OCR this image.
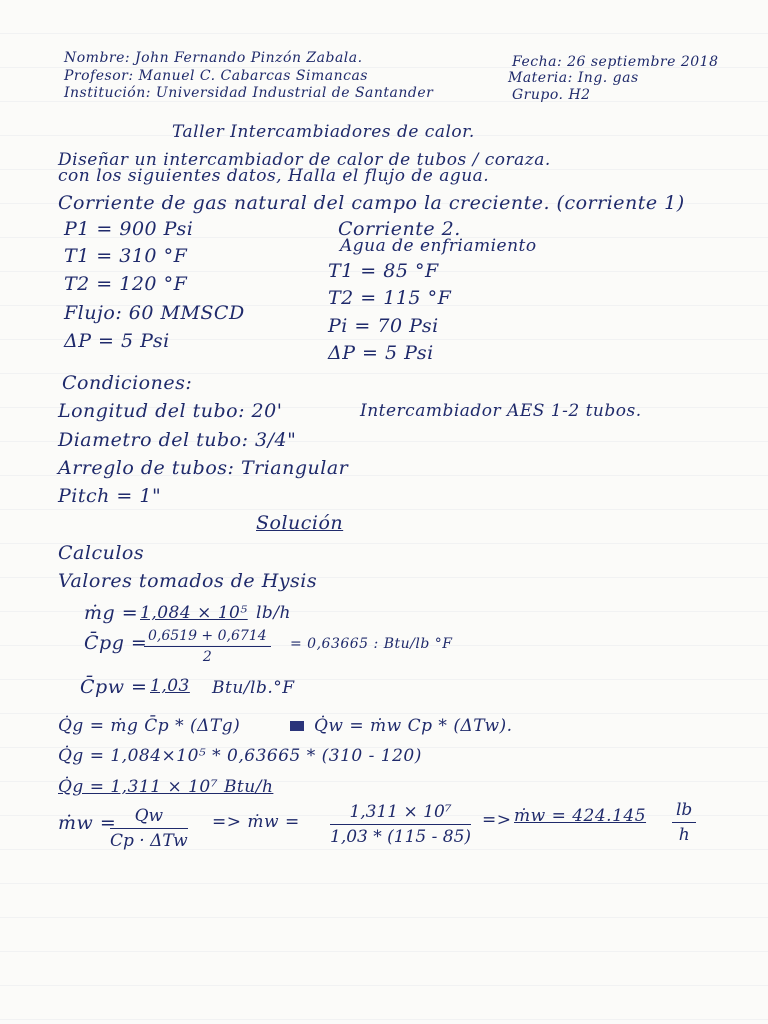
Nombre: John Fernando Pinzón Zabala.	Fecha: 26 septiembre 2018
Profesor: Manuel C. Cabarcas Simancas	Materia: Ing. gas
Institución: Universidad Industrial de Santander	Grupo. H2
Taller Intercambiadores de calor.
Diseñar un intercambiador de calor de tubos / coraza.
con los siguientes datos, Halla el flujo de agua.
Corriente de gas natural del campo la creciente. (corriente 1)
P1 = 900 Psi
T1 = 310 °F
T2 = 120 °F
Flujo: 60 MMSCD
ΔP = 5 Psi
Corriente 2.
Agua de enfriamiento
T1 = 85 °F
T2 = 115 °F
Pi = 70 Psi
ΔP = 5 Psi
Condiciones:
Longitud del tubo: 20'	Intercambiador AES 1-2 tubos.
Diametro del tubo: 3/4"
Arreglo de tubos: Triangular
Pitch = 1"
Solución
Calculos
Valores tomados de Hysis
ṁg = 1,084 × 10⁵ lb/h
C̄pg =
$\frac{0,6519 + 0,6714}{2} = 0,63665$ : Btu/lb °F
C̄pw = 1,03 Btu/lb.°F
Q̇g = ṁg C̄p * (ΔTg)	Q̇w = ṁw Cp * (ΔTw).
Q̇g = 1,084×10⁵ * 0,63665 * (310 - 120)
Q̇g = 1,311 × 10⁷ Btu/h
ṁw =	Qw
Cp · ΔTw
=> ṁw = $\frac{\text{1,311 × 10⁷}}{1,03 * (115 - 85)}$ => ṁw = $424.145 \frac{lb}{h}$
